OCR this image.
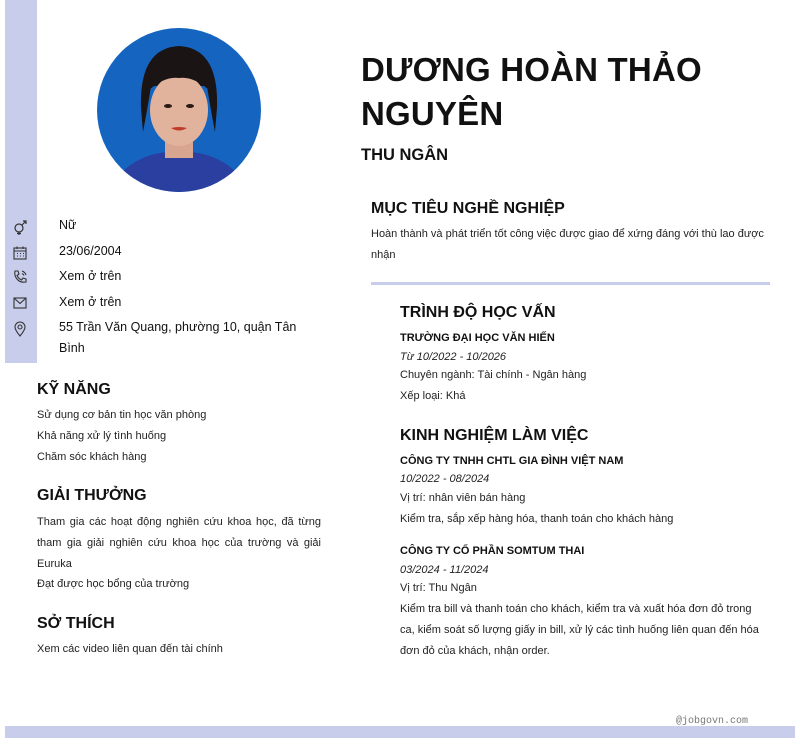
Nữ
23/06/2004
Xem ở trên
Xem ở trên
55 Trần Văn Quang, phường 10, quận Tân Bình
KỸ NĂNG
Sử dụng cơ bản tin học văn phòng
Khả năng xử lý tình huống
Chăm sóc khách hàng
GIẢI THƯỞNG
Tham gia các hoạt động nghiên cứu khoa học, đã từng tham gia giải nghiên cứu khoa học của trường và giải Euruka
Đạt được học bổng của trường
SỞ THÍCH
Xem các video liên quan đến tài chính
DƯƠNG HOÀN THẢO NGUYÊN
THU NGÂN
MỤC TIÊU NGHỀ NGHIỆP
Hoàn thành và phát triển tốt công việc được giao để xứng đáng với thù lao được nhận
TRÌNH ĐỘ HỌC VẤN
TRƯỜNG ĐẠI HỌC VĂN HIẾN
Từ 10/2022 - 10/2026
Chuyên ngành: Tài chính - Ngân hàng
Xếp loại: Khá
KINH NGHIỆM LÀM VIỆC
CÔNG TY TNHH CHTL GIA ĐÌNH VIỆT NAM
10/2022 - 08/2024
Vị trí: nhân viên bán hàng
Kiểm tra, sắp xếp hàng hóa, thanh toán cho khách hàng
CÔNG TY CỔ PHẦN SOMTUM THAI
03/2024 - 11/2024
Vị trí: Thu Ngân
Kiểm tra bill và thanh toán cho khách, kiểm tra và xuất hóa đơn đỏ trong ca, kiểm soát số lượng giấy in bill, xử lý các tình huống liên quan đến hóa đơn đỏ của khách, nhận order.
@jobgovn.com
